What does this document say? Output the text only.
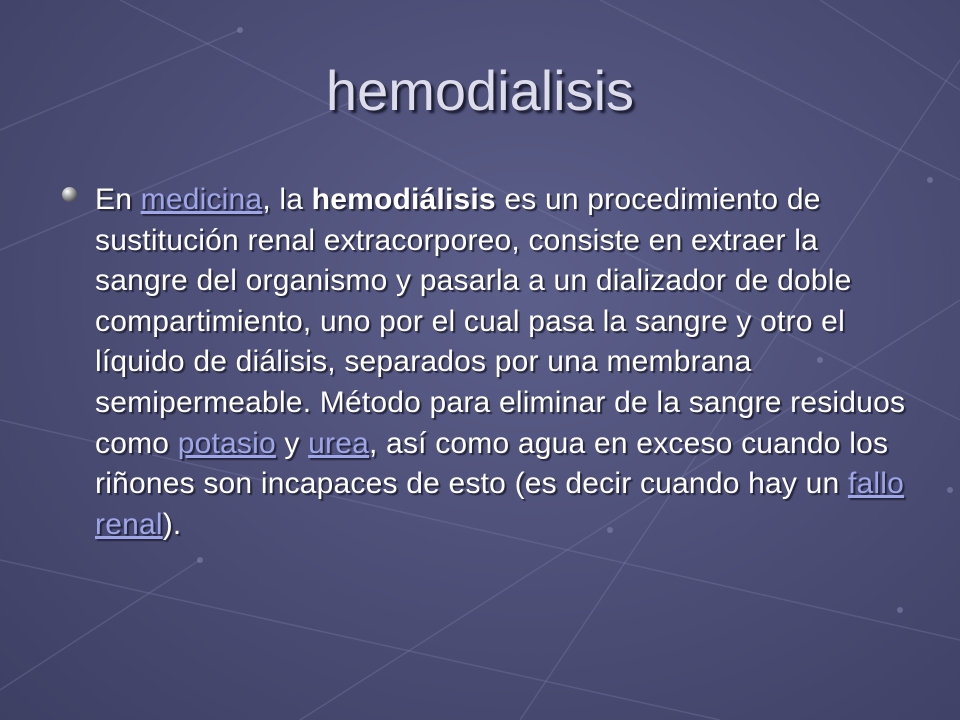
hemodialisis
En medicina, la hemodiálisis es un procedimiento de sustitución renal extracorporeo, consiste en extraer la sangre del organismo y pasarla a un dializador de doble compartimiento, uno por el cual pasa la sangre y otro el líquido de diálisis, separados por una membrana semipermeable. Método para eliminar de la sangre residuos
como potasio y urea, así como agua en exceso cuando los riñones son incapaces de esto (es decir cuando hay un fallo renal).
